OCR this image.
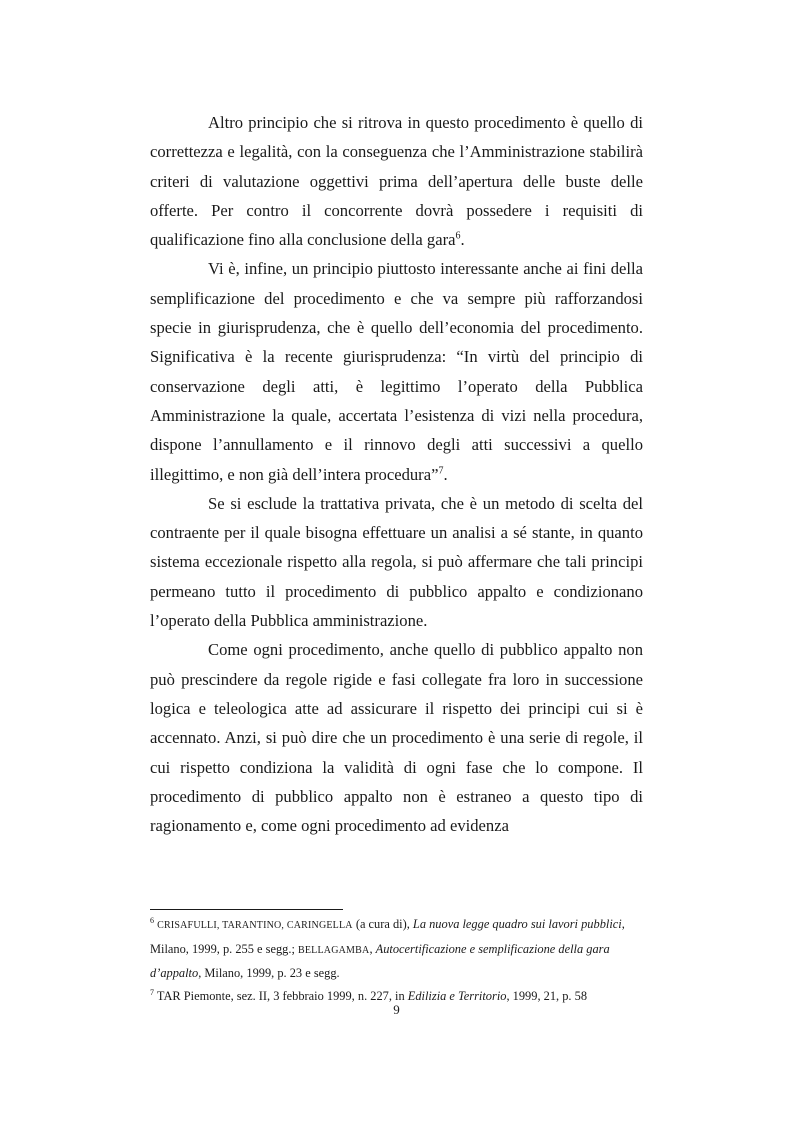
Altro principio che si ritrova in questo procedimento è quello di correttezza e legalità, con la conseguenza che l’Amministrazione stabilirà criteri di valutazione oggettivi prima dell’apertura delle buste delle offerte. Per contro il concorrente dovrà possedere i requisiti di qualificazione fino alla conclusione della gara$^6$.

Vi è, infine, un principio piuttosto interessante anche ai fini della semplificazione del procedimento e che va sempre più rafforzandosi specie in giurisprudenza, che è quello dell’economia del procedimento. Significativa è la recente giurisprudenza: “In virtù del principio di conservazione degli atti, è legittimo l’operato della Pubblica Amministrazione la quale, accertata l’esistenza di vizi nella procedura, dispone l’annullamento e il rinnovo degli atti successivi a quello illegittimo, e non già dell’intera procedura”$^7$.

Se si esclude la trattativa privata, che è un metodo di scelta del contraente per il quale bisogna effettuare un analisi a sé stante, in quanto sistema eccezionale rispetto alla regola, si può affermare che tali principi permeano tutto il procedimento di pubblico appalto e condizionano l’operato della Pubblica amministrazione.

Come ogni procedimento, anche quello di pubblico appalto non può prescindere da regole rigide e fasi collegate fra loro in successione logica e teleologica atte ad assicurare il rispetto dei principi cui si è accennato. Anzi, si può dire che un procedimento è una serie di regole, il cui rispetto condiziona la validità di ogni fase che lo compone. Il procedimento di pubblico appalto non è estraneo a questo tipo di ragionamento e, come ogni procedimento ad evidenza

$^6$ CRISAFULLI, TARANTINO, CARINGELLA (a cura di), La nuova legge quadro sui lavori pubblici, Milano, 1999, p. 255 e segg.; BELLAGAMBA, Autocertificazione e semplificazione della gara d’appalto, Milano, 1999, p. 23 e segg.

$^7$ TAR Piemonte, sez. II, 3 febbraio 1999, n. 227, in Edilizia e Territorio, 1999, 21, p. 58

9
